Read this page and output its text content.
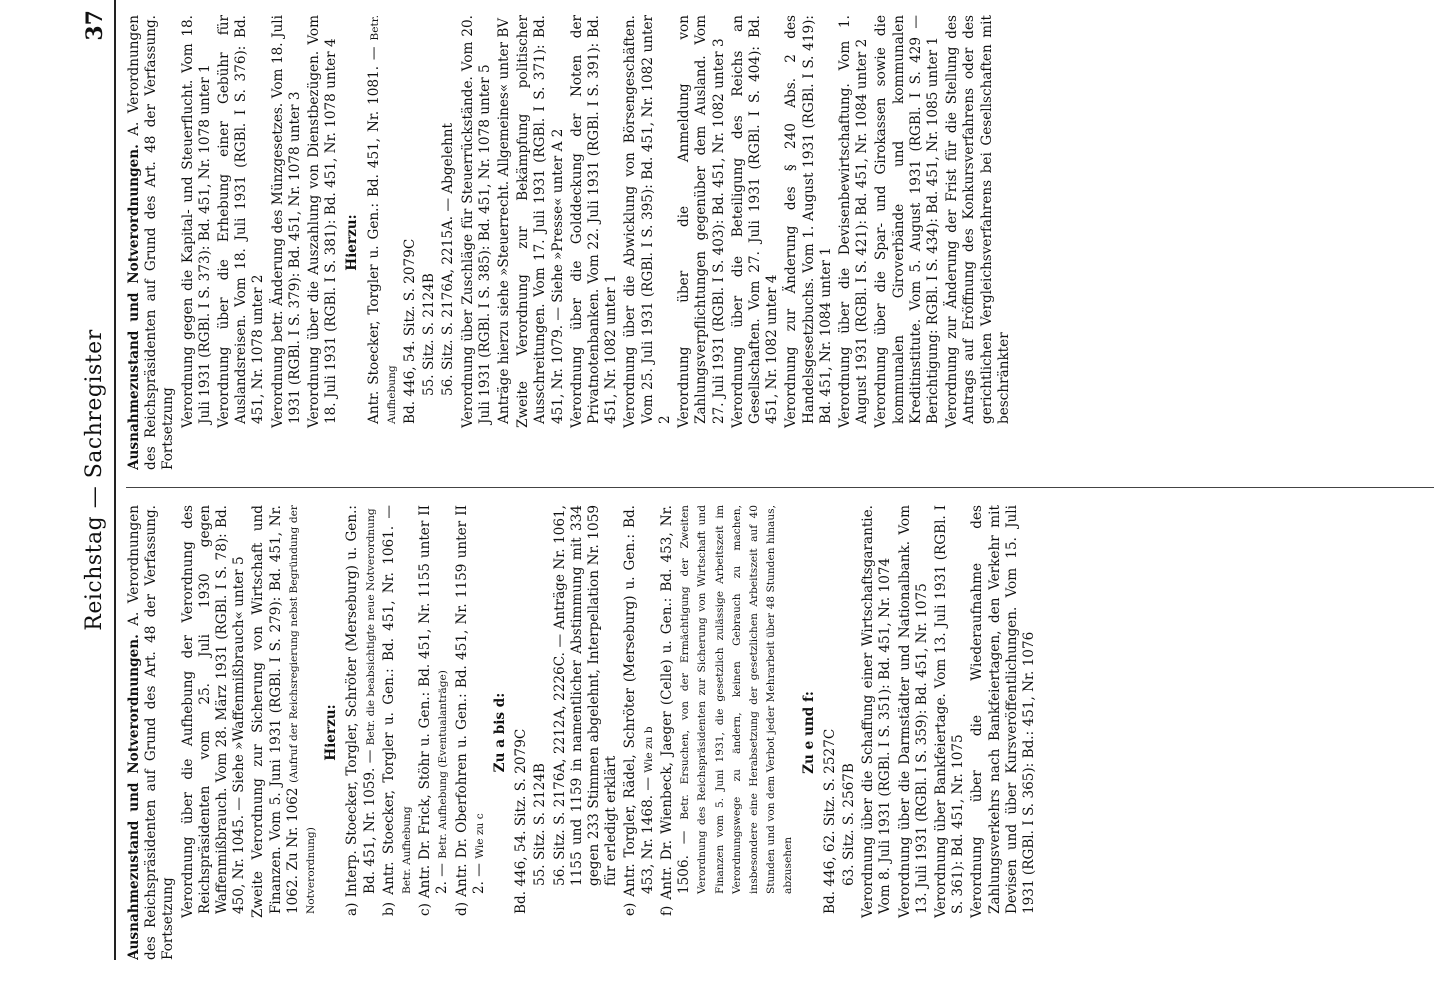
Reichstag — Sachregister
37

Ausnahmezustand und Notverordnungen. A. Verordnungen des Reichspräsidenten auf Grund des Art. 48 der Verfassung. Fortsetzung

Verordnung über die Aufhebung der Verordnung des Reichspräsidenten vom 25. Juli 1930 gegen Waffenmißbrauch. Vom 28. März 1931 (RGBl. I S. 78): Bd. 450, Nr. 1045. — Siehe »Waffenmißbrauch« unter 5 Zweite Verordnung zur Sicherung von Wirtschaft und Finanzen. Vom 5. Juni 1931 (RGBl. I S. 279): Bd. 451, Nr. 1062. Zu Nr. 1062 (Aufruf der Reichsregierung nebst Begründung der Notverordnung)

Hierzu:

a) Interp. Stoecker, Torgler, Schröter (Merseburg) u. Gen.: Bd. 451, Nr. 1059. — Betr. die beabsichtigte neue Notverordnung

b) Antr. Stoecker, Torgler u. Gen.: Bd. 451, Nr. 1061. — Betr. Aufhebung

c) Antr. Dr. Frick, Stöhr u. Gen.: Bd. 451, Nr. 1155 unter II 2. — Betr. Aufhebung (Eventualanträge)

d) Antr. Dr. Oberfohren u. Gen.: Bd. 451, Nr. 1159 unter II 2. — Wie zu c

Zu a bis d: Bd. 446, 54. Sitz. S. 2079C 55. Sitz. S. 2124B 56. Sitz. S. 2176A, 2212A, 2226C. — Anträge Nr. 1061, 1155 und 1159 in namentlicher Abstimmung mit 334 gegen 233 Stimmen abgelehnt, Interpellation Nr. 1059 für erledigt erklärt

e) Antr. Torgler, Rädel, Schröter (Merseburg) u. Gen.: Bd. 453, Nr. 1468. — Wie zu b

f) Antr. Dr. Wienbeck, Jaeger (Celle) u. Gen.: Bd. 453, Nr. 1506. — Betr. Ersuchen, von der Ermächtigung der Zweiten Verordnung des Reichspräsidenten zur Sicherung von Wirtschaft und Finanzen vom 5. Juni 1931, die gesetzlich zulässige Arbeitszeit im Verordnungswege zu ändern, keinen Gebrauch zu machen, insbesondere eine Herabsetzung der gesetzlichen Arbeitszeit auf 40 Stunden und von dem Verbot jeder Mehrarbeit über 48 Stunden hinaus, abzusehen

Zu e und f: Bd. 446, 62. Sitz. S. 2527C 63. Sitz. S. 2567B Verordnung über die Schaffung einer Wirtschaftsgarantie. Vom 8. Juli 1931 (RGBl. I S. 351): Bd. 451, Nr. 1074 Verordnung über die Darmstädter und Nationalbank. Vom 13. Juli 1931 (RGBl. I S. 359): Bd. 451, Nr. 1075 Verordnung über Bankfeiertage. Vom 13. Juli 1931 (RGBl. I S. 361): Bd. 451, Nr. 1075 Verordnung über die Wiederaufnahme des Zahlungsverkehrs nach Bankfeiertagen, den Verkehr mit Devisen und über Kursveröffentlichungen. Vom 15. Juli 1931 (RGBl. I S. 365): Bd.: 451, Nr. 1076

Ausnahmezustand und Notverordnungen. A. Verordnungen des Reichspräsidenten auf Grund des Art. 48 der Verfassung. Fortsetzung

Verordnung gegen die Kapital- und Steuerflucht. Vom 18. Juli 1931 (RGBl. I S. 373): Bd. 451, Nr. 1078 unter 1 Verordnung über die Erhebung einer Gebühr für Auslandsreisen. Vom 18. Juli 1931 (RGBl. I S. 376): Bd. 451, Nr. 1078 unter 2 Verordnung betr. Änderung des Münzgesetzes. Vom 18. Juli 1931 (RGBl. I S. 379): Bd. 451, Nr. 1078 unter 3 Verordnung über die Auszahlung von Dienstbezügen. Vom 18. Juli 1931 (RGBl. I S. 381): Bd. 451, Nr. 1078 unter 4 Hierzu: Antr. Stoecker, Torgler u. Gen.: Bd. 451, Nr. 1081. — Betr. Aufhebung Bd. 446, 54. Sitz. S. 2079C 55. Sitz. S. 2124B 56. Sitz. S. 2176A, 2215A. — Abgelehnt Verordnung über Zuschläge für Steuerrückstände. Vom 20. Juli 1931 (RGBl. I S. 385): Bd. 451, Nr. 1078 unter 5 Anträge hierzu siehe »Steuerrecht. Allgemeines« unter BV Zweite Verordnung zur Bekämpfung politischer Ausschreitungen. Vom 17. Juli 1931 (RGBl. I S. 371): Bd. 451, Nr. 1079. — Siehe »Presse« unter A 2 Verordnung über die Golddeckung der Noten der Privatnotenbanken. Vom 22. Juli 1931 (RGBl. I S. 391): Bd. 451, Nr. 1082 unter 1 Verordnung über die Abwicklung von Börsengeschäften. Vom 25. Juli 1931 (RGBl. I S. 395): Bd. 451, Nr. 1082 unter 2 Verordnung über die Anmeldung von Zahlungsverpflichtungen gegenüber dem Ausland. Vom 27. Juli 1931 (RGBl. I S. 403): Bd. 451, Nr. 1082 unter 3 Verordnung über die Beteiligung des Reichs an Gesellschaften. Vom 27. Juli 1931 (RGBl. I S. 404): Bd. 451, Nr. 1082 unter 4 Verordnung zur Änderung des § 240 Abs. 2 des Handelsgesetzbuchs. Vom 1. August 1931 (RGBl. I S. 419): Bd. 451, Nr. 1084 unter 1 Verordnung über die Devisenbewirtschaftung. Vom 1. August 1931 (RGBl. I S. 421): Bd. 451, Nr. 1084 unter 2 Verordnung über die Spar- und Girokassen sowie die kommunalen Giroverbände und kommunalen Kreditinstitute. Vom 5. August 1931 (RGBl. I S. 429 — Berichtigung: RGBl. I S. 434): Bd. 451, Nr. 1085 unter 1 Verordnung zur Änderung der Frist für die Stellung des Antrags auf Eröffnung des Konkursverfahrens oder des gerichtlichen Vergleichsverfahrens bei Gesellschaften mit beschränkter
